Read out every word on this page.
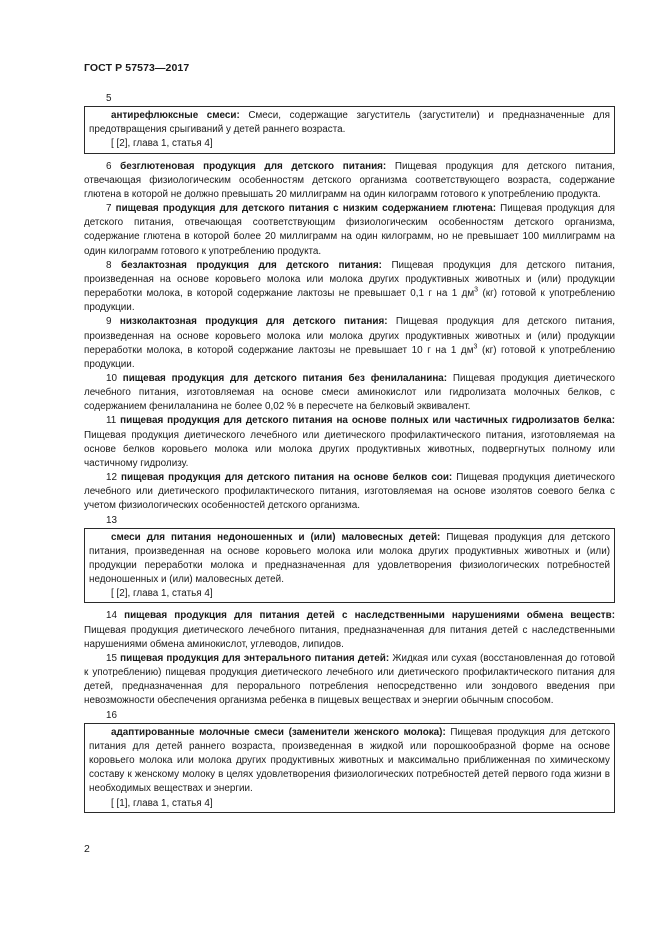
ГОСТ Р 57573—2017
5

антирефлюксные смеси: Смеси, содержащие загуститель (загустители) и предназначенные для предотвращения срыгиваний у детей раннего возраста.

[ [2], глава 1, статья 4]

6 безглютеновая продукция для детского питания: Пищевая продукция для детского питания, отвечающая физиологическим особенностям детского организма соответствующего возраста, содержание глютена в которой не должно превышать 20 миллиграмм на один килограмм готового к употреблению продукта.

7 пищевая продукция для детского питания с низким содержанием глютена: Пищевая продукция для детского питания, отвечающая соответствующим физиологическим особенностям детского организма, содержание глютена в которой более 20 миллиграмм на один килограмм, но не превышает 100 миллиграмм на один килограмм готового к употреблению продукта.

8 безлактозная продукция для детского питания: Пищевая продукция для детского питания, произведенная на основе коровьего молока или молока других продуктивных животных и (или) продукции переработки молока, в которой содержание лактозы не превышает 0,1 г на 1 $дм^3$ (кг) готовой к употреблению продукции.

9 низколактозная продукция для детского питания: Пищевая продукция для детского питания, произведенная на основе коровьего молока или молока других продуктивных животных и (или) продукции переработки молока, в которой содержание лактозы не превышает 10 г на 1 $дм^3$ (кг) готовой к употреблению продукции.

10 пищевая продукция для детского питания без фенилаланина: Пищевая продукция диетического лечебного питания, изготовляемая на основе смеси аминокислот или гидролизата молочных белков, с содержанием фенилаланина не более 0,02 % в пересчете на белковый эквивалент.

11 пищевая продукция для детского питания на основе полных или частичных гидролизатов белка: Пищевая продукция диетического лечебного или диетического профилактического питания, изготовляемая на основе белков коровьего молока или молока других продуктивных животных, подвергнутых полному или частичному гидролизу.

12 пищевая продукция для детского питания на основе белков сои: Пищевая продукция диетического лечебного или диетического профилактического питания, изготовляемая на основе изолятов соевого белка с учетом физиологических особенностей детского организма.

13

смеси для питания недоношенных и (или) маловесных детей: Пищевая продукция для детского питания, произведенная на основе коровьего молока или молока других продуктивных животных и (или) продукции переработки молока и предназначенная для удовлетворения физиологических потребностей недоношенных и (или) маловесных детей.

[ [2], глава 1, статья 4]

14 пищевая продукция для питания детей с наследственными нарушениями обмена веществ: Пищевая продукция диетического лечебного питания, предназначенная для питания детей с наследственными нарушениями обмена аминокислот, углеводов, липидов.

15 пищевая продукция для энтерального питания детей: Жидкая или сухая (восстановленная до готовой к употреблению) пищевая продукция диетического лечебного или диетического профилактического питания для детей, предназначенная для перорального потребления непосредственно или зондового введения при невозможности обеспечения организма ребенка в пищевых веществах и энергии обычным способом.

16

адаптированные молочные смеси (заменители женского молока): Пищевая продукция для детского питания для детей раннего возраста, произведенная в жидкой или порошкообразной форме на основе коровьего молока или молока других продуктивных животных и максимально приближенная по химическому составу к женскому молоку в целях удовлетворения физиологических потребностей детей первого года жизни в необходимых веществах и энергии.

[ [1], глава 1, статья 4]
2
